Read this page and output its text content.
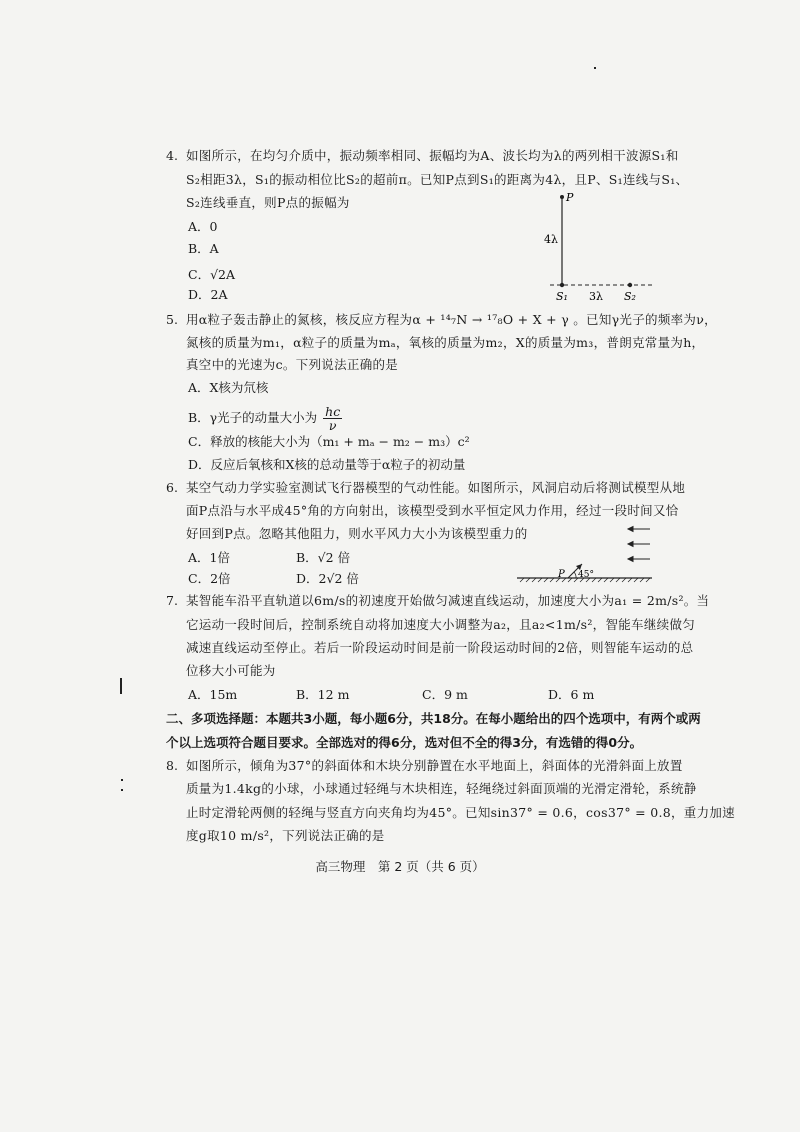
4. 如图所示，在均匀介质中，振动频率相同、振幅均为A、波长均为λ的两列相干波源S₁和
S₂相距3λ，S₁的振动相位比S₂的超前π。已知P点到S₁的距离为4λ，且P、S₁连线与S₁、
S₂连线垂直，则P点的振幅为
A．0
B．A
C．√2A
D．2A
P
4λ
S₁ 3λ S₂
5. 用α粒子轰击静止的氮核，核反应方程为α + ¹⁴₇N → ¹⁷₈O + X + γ 。已知γ光子的频率为ν，
氮核的质量为m₁，α粒子的质量为mₐ，氧核的质量为m₂，X的质量为m₃，普朗克常量为h，
真空中的光速为c。下列说法正确的是
A．X核为氘核
B．γ光子的动量大小为 $\frac{hc}{\nu}$
C．释放的核能大小为（m₁ + mₐ − m₂ − m₃）c²
D．反应后氧核和X核的总动量等于α粒子的初动量
6. 某空气动力学实验室测试飞行器模型的气动性能。如图所示，风洞启动后将测试模型从地
面P点沿与水平成45°角的方向射出，该模型受到水平恒定风力作用，经过一段时间又恰
好回到P点。忽略其他阻力，则水平风力大小为该模型重力的
A．1倍	B．√2 倍
C．2倍	D．2√2 倍	P 45°
7. 某智能车沿平直轨道以6m/s的初速度开始做匀减速直线运动，加速度大小为a₁ = 2m/s²。当
它运动一段时间后，控制系统自动将加速度大小调整为a₂，且a₂<1m/s²，智能车继续做匀
减速直线运动至停止。若后一阶段运动时间是前一阶段运动时间的2倍，则智能车运动的总
位移大小可能为
A．15m	B．12 m	C．9 m	D．6 m
二、多项选择题：本题共3小题，每小题6分，共18分。在每小题给出的四个选项中，有两个或两
个以上选项符合题目要求。全部选对的得6分，选对但不全的得3分，有选错的得0分。
8. 如图所示，倾角为37°的斜面体和木块分别静置在水平地面上，斜面体的光滑斜面上放置
质量为1.4kg的小球，小球通过轻绳与木块相连，轻绳绕过斜面顶端的光滑定滑轮，系统静
止时定滑轮两侧的轻绳与竖直方向夹角均为45°。已知sin37° = 0.6，cos37° = 0.8，重力加速
度g取10 m/s²，下列说法正确的是
高三物理　第 2 页（共 6 页）
